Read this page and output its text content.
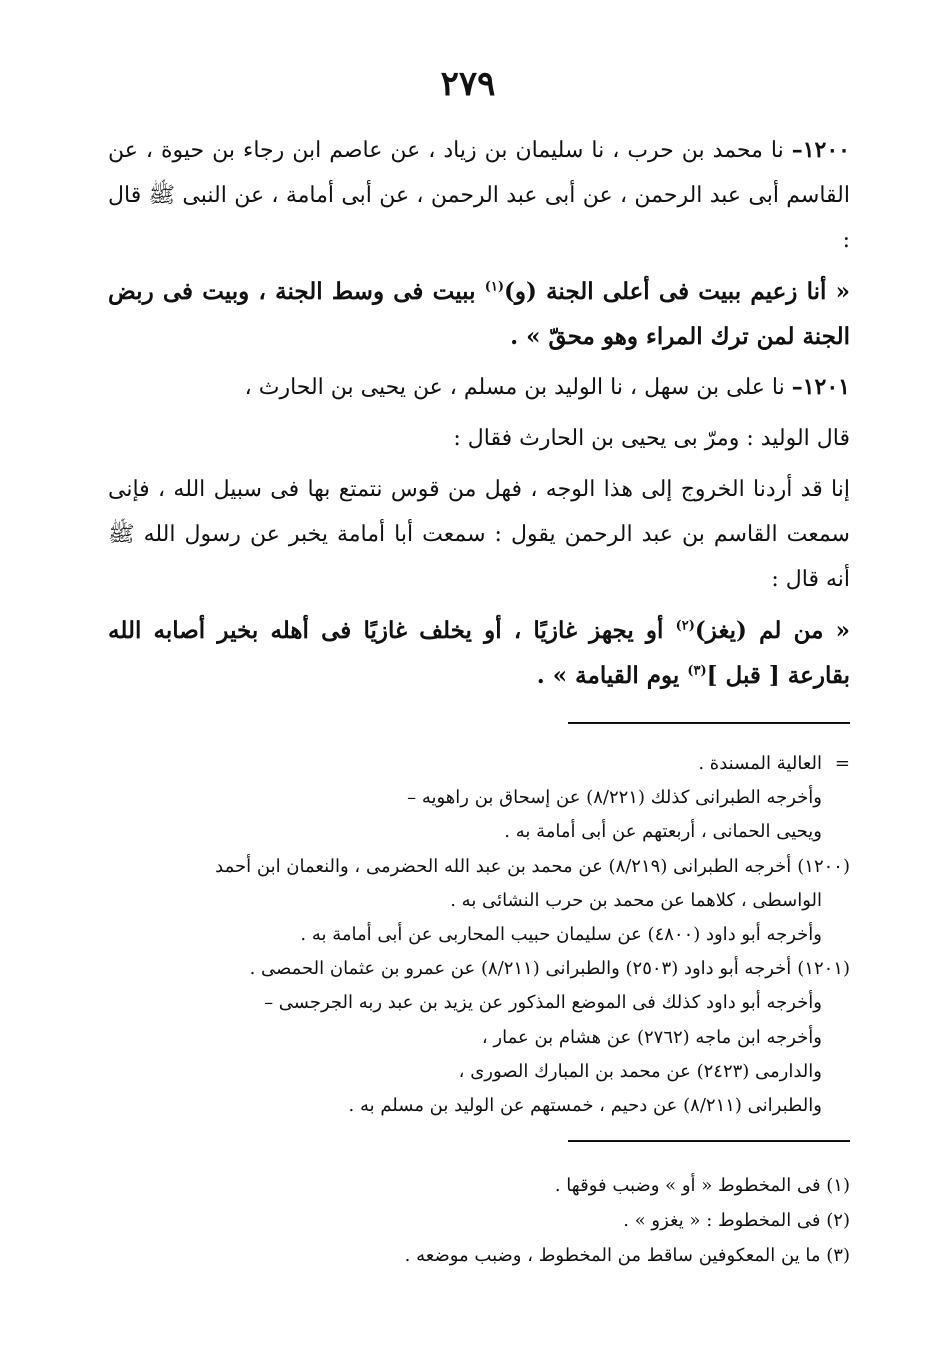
٢٧٩

١٢٠٠– نا محمد بن حرب ، نا سليمان بن زياد ، عن عاصم ابن رجاء بن حيوة ، عن القاسم أبى عبد الرحمن ، عن أبى عبد الرحمن ، عن أبى أمامة ، عن النبى ﷺ قال :

« أنا زعيم ببيت فى أعلى الجنة (و)$^{(١)}$ ببيت فى وسط الجنة ، وبيت فى ربض الجنة لمن ترك المراء وهو محقّ » .

١٢٠١– نا على بن سهل ، نا الوليد بن مسلم ، عن يحيى بن الحارث ،

قال الوليد : ومرّ بى يحيى بن الحارث فقال :

إنا قد أردنا الخروج إلى هذا الوجه ، فهل من قوس نتمتع بها فى سبيل الله ، فإنى سمعت القاسم بن عبد الرحمن يقول : سمعت أبا أمامة يخبر عن رسول الله ﷺ أنه قال :

« من لم (يغز)$^{(٢)}$ أو يجهز غازيًا ، أو يخلف غازيًا فى أهله بخير أصابه الله بقارعة [ قبل ]$^{(٣)}$ يوم القيامة » .

=
العالية المسندة .
وأخرجه الطبرانى كذلك (٨/٢٢١) عن إسحاق بن راهويه –
ويحيى الحمانى ، أربعتهم عن أبى أمامة به .
(١٢٠٠)
أخرجه الطبرانى (٨/٢١٩) عن محمد بن عبد الله الحضرمى ، والنعمان ابن أحمد
الواسطى ، كلاهما عن محمد بن حرب النشائى به .
وأخرجه أبو داود (٤٨٠٠) عن سليمان حبيب المحاربى عن أبى أمامة به .
(١٢٠١)
أخرجه أبو داود (٢٥٠٣) والطبرانى (٨/٢١١) عن عمرو بن عثمان الحمصى .
وأخرجه أبو داود كذلك فى الموضع المذكور عن يزيد بن عبد ربه الجرجسى –
وأخرجه ابن ماجه (٢٧٦٢) عن هشام بن عمار ،
والدارمى (٢٤٢٣) عن محمد بن المبارك الصورى ،
والطبرانى (٨/٢١١) عن دحيم ، خمستهم عن الوليد بن مسلم به .
(١) فى المخطوط « أو » وضبب فوقها .
(٢) فى المخطوط : « يغزو » .
(٣) ما ين المعكوفين ساقط من المخطوط ، وضبب موضعه .
